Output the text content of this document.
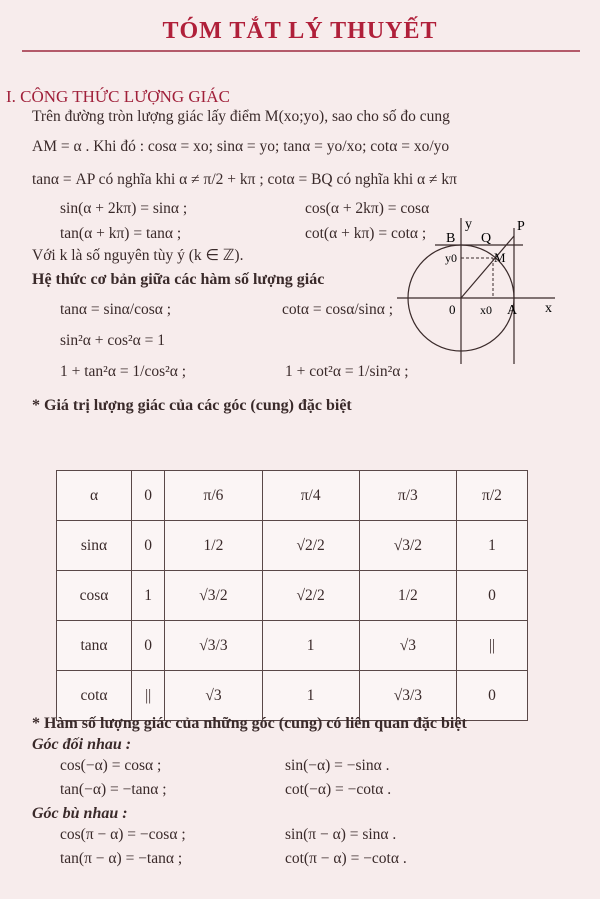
TÓM TẮT LÝ THUYẾT
I. CÔNG THỨC LƯỢNG GIÁC
Trên đường tròn lượng giác lấy điểm M(xo;yo), sao cho số đo cung
AM = α . Khi đó : cosα = xo; sinα = yo; tanα = yo/xo; cotα = xo/yo
tanα = AP có nghĩa khi α ≠ π/2 + kπ ; cotα = BQ có nghĩa khi α ≠ kπ
sin(α + 2kπ) = sinα ;	cos(α + 2kπ) = cosα
tan(α + kπ) = tanα ;	cot(α + kπ) = cotα ;
Với k là số nguyên tùy ý (k ∈ ℤ).
Hệ thức cơ bản giữa các hàm số lượng giác
tanα = sinα/cosα ;	cotα = cosα/sinα ;
sin²α + cos²α = 1
1 + tan²α = 1/cos²α ;	1 + cot²α = 1/sin²α ;
* Giá trị lượng giác của các góc (cung) đặc biệt
B Q
P
y
y0	M
0 x0 A x
α	0	π/6	π/4	π/3	π/2
sinα	0	1/2	√2/2	√3/2	1
cosα	1	√3/2	√2/2	1/2	0
tanα	0	√3/3	1	√3	||
cotα	||	√3	1	√3/3	0
* Hàm số lượng giác của những góc (cung) có liên quan đặc biệt
Góc đối nhau :
cos(−α) = cosα ;	sin(−α) = −sinα .
tan(−α) = −tanα ;	cot(−α) = −cotα .
Góc bù nhau :
cos(π − α) = −cosα ;	sin(π − α) = sinα .
tan(π − α) = −tanα ;	cot(π − α) = −cotα .
